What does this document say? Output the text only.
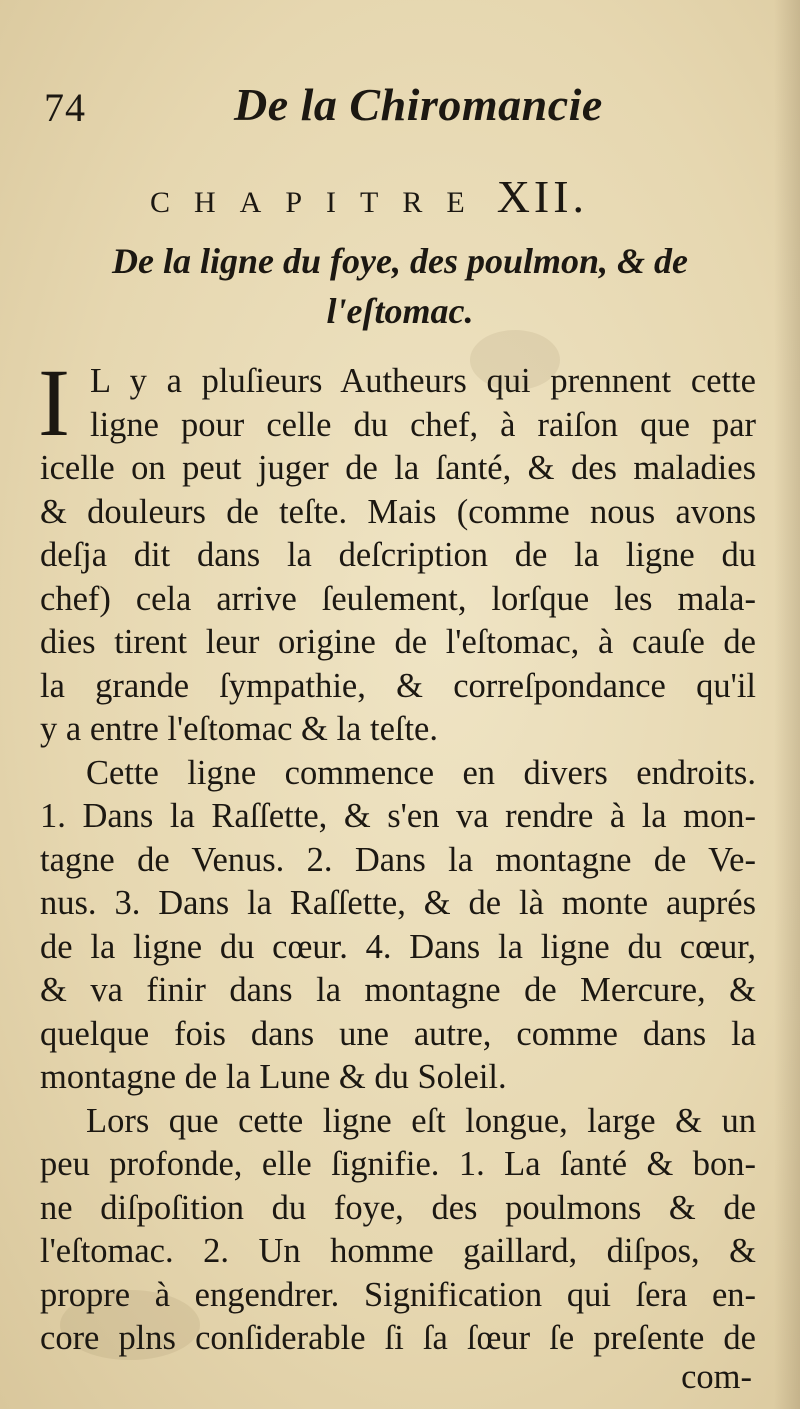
74	De la Chiromancie
CHAPITRE XII.
De la ligne du foye, des poulmon, & de
l'eſtomac.
I L y a pluſieurs Autheurs qui prennent cette
ligne pour celle du chef, à raiſon que par
icelle on peut juger de la ſanté, & des maladies
& douleurs de teſte. Mais (comme nous avons
deſja dit dans la deſcription de la ligne du
chef) cela arrive ſeulement, lorſque les mala-
dies tirent leur origine de l'eſtomac, à cauſe de
la grande ſympathie, & correſpondance qu'il
y a entre l'eſtomac & la teſte.
Cette ligne commence en divers endroits.
1. Dans la Raſſette, & s'en va rendre à la mon-
tagne de Venus. 2. Dans la montagne de Ve-
nus. 3. Dans la Raſſette, & de là monte auprés
de la ligne du cœur. 4. Dans la ligne du cœur,
& va finir dans la montagne de Mercure, &
quelque fois dans une autre, comme dans la
montagne de la Lune & du Soleil.
Lors que cette ligne eſt longue, large & un
peu profonde, elle ſignifie. 1. La ſanté & bon-
ne diſpoſition du foye, des poulmons & de
l'eſtomac. 2. Un homme gaillard, diſpos, &
propre à engendrer. Signification qui ſera en-
core plns conſiderable ſi ſa ſœur ſe preſente de
com-
